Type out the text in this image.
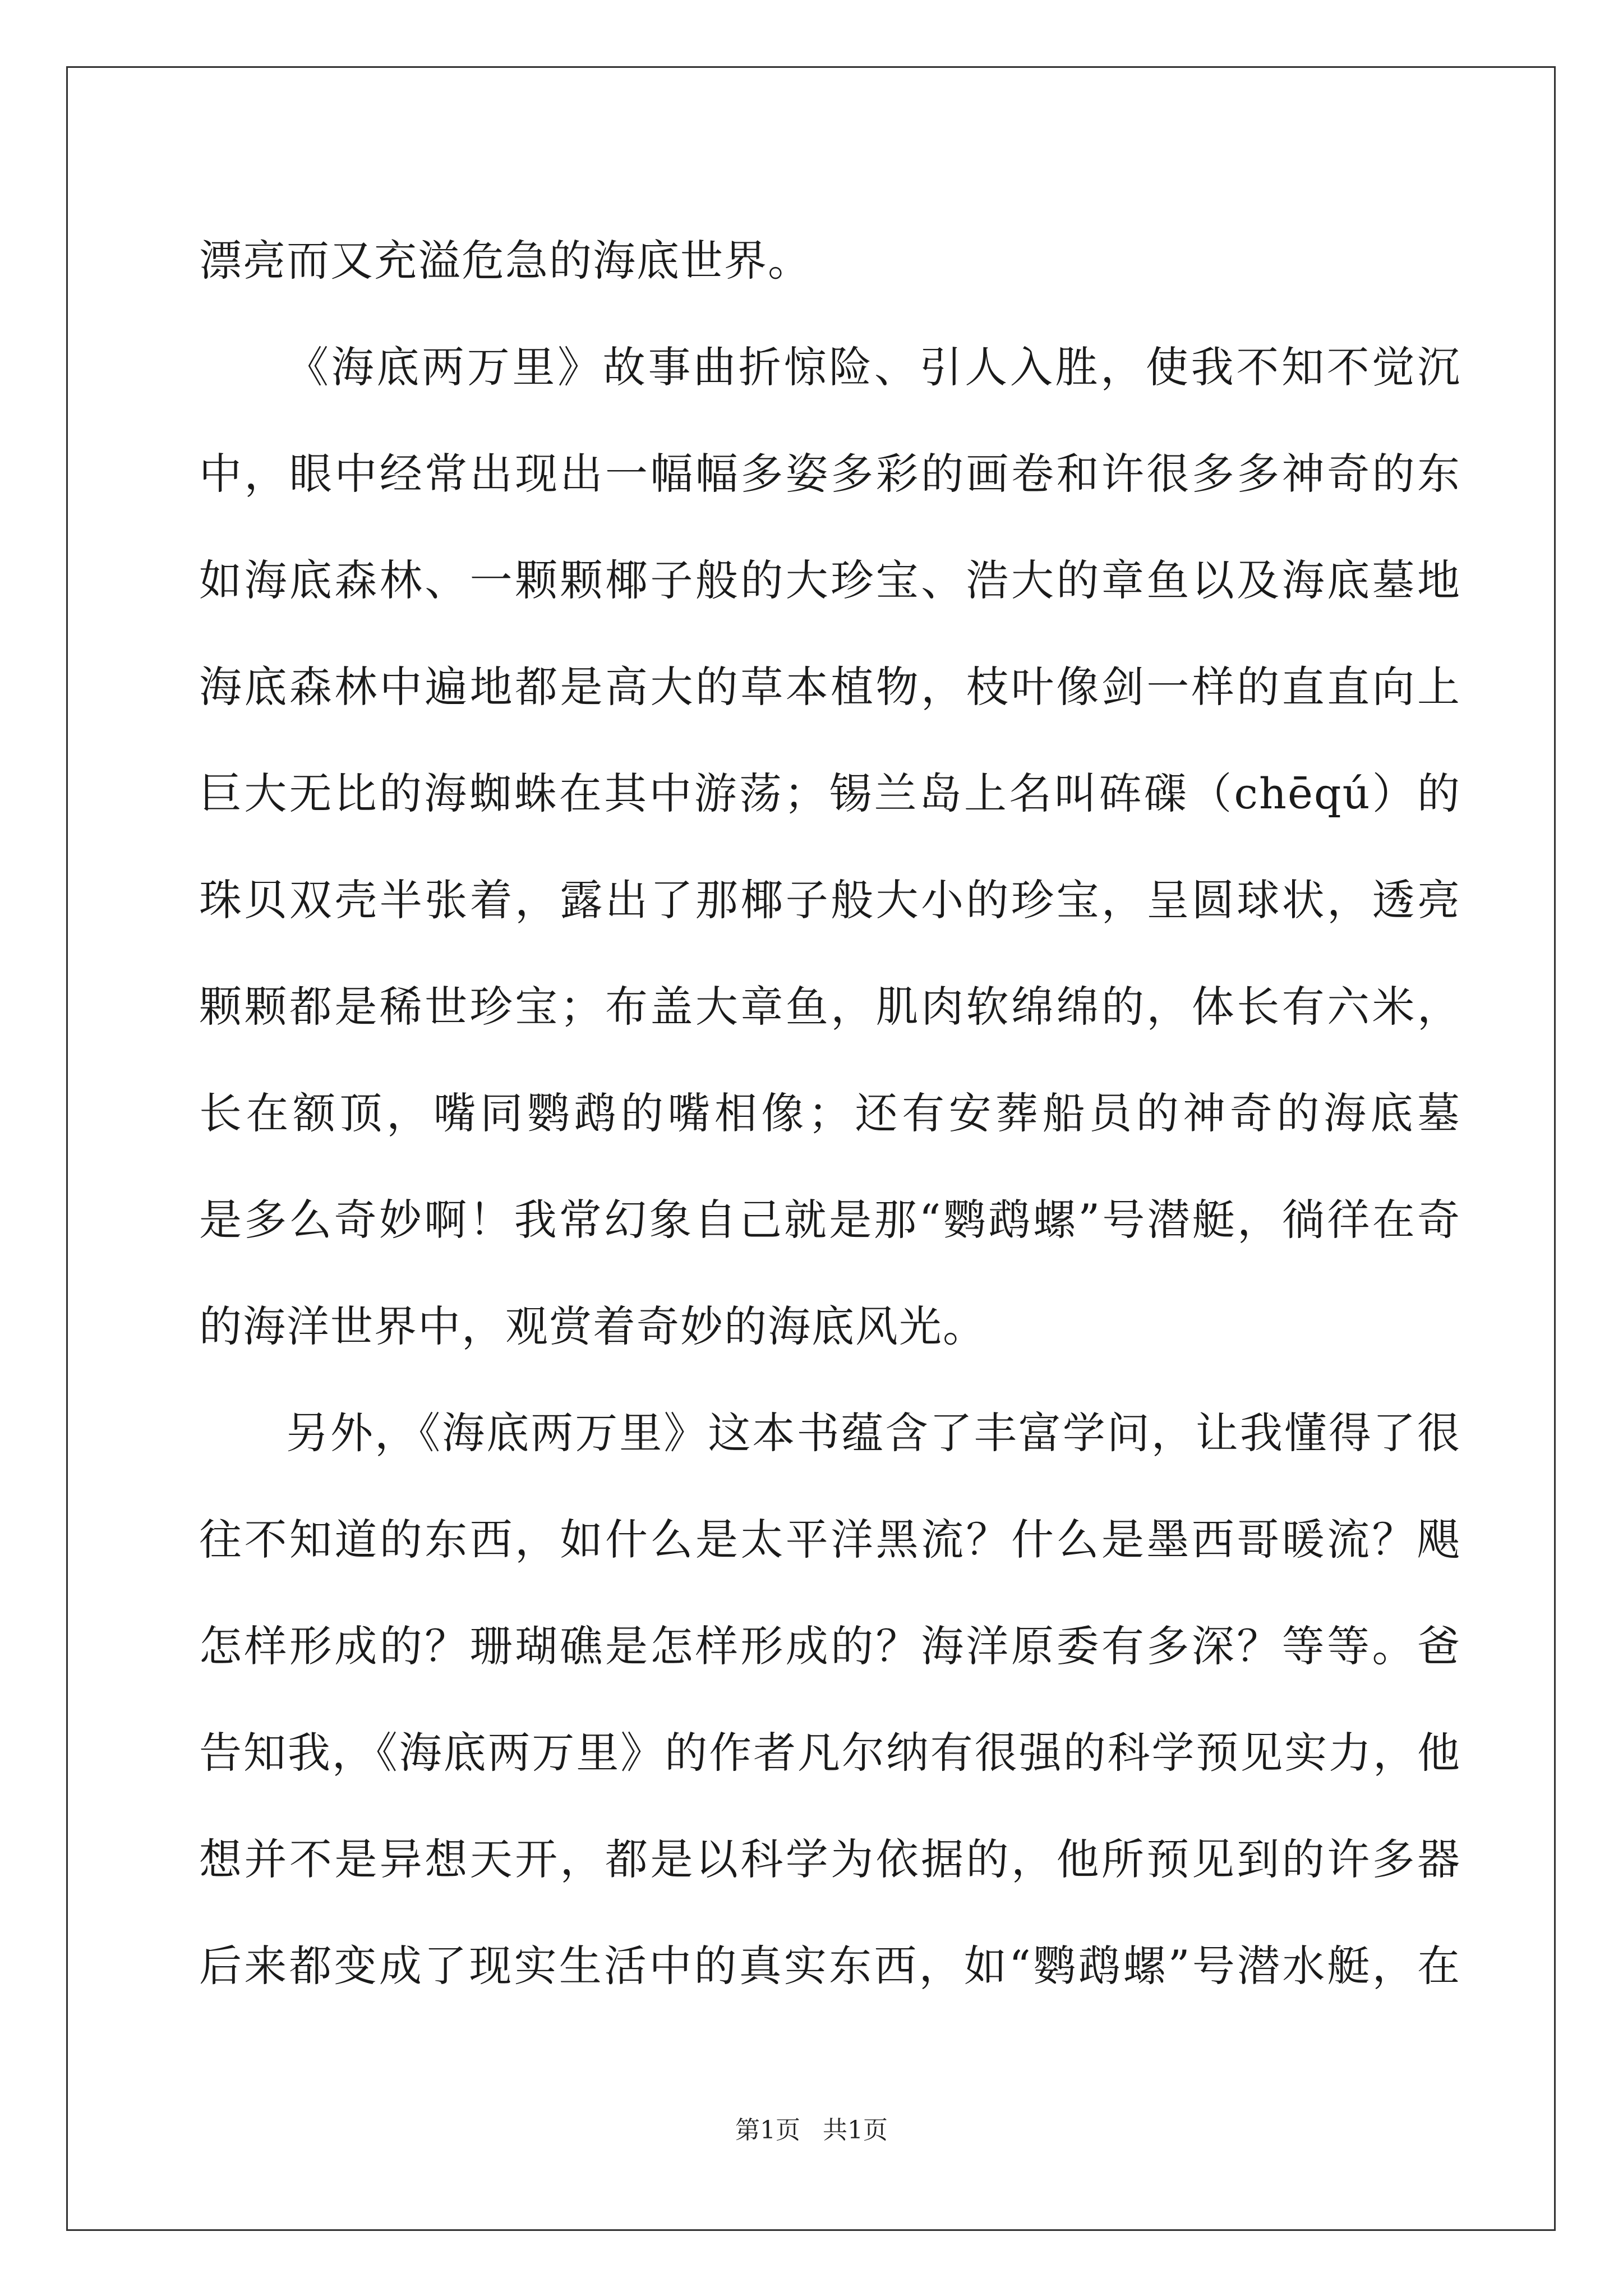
漂亮而又充溢危急的海底世界。
《海底两万里》故事曲折惊险、引人入胜，使我不知不觉沉
中，眼中经常出现出一幅幅多姿多彩的画卷和许很多多神奇的东
如海底森林、一颗颗椰子般的大珍宝、浩大的章鱼以及海底墓地
海底森林中遍地都是高大的草本植物，枝叶像剑一样的直直向上
巨大无比的海蜘蛛在其中游荡；锡兰岛上名叫砗磲（chēqú）的
珠贝双壳半张着，露出了那椰子般大小的珍宝，呈圆球状，透亮
颗颗都是稀世珍宝；布盖大章鱼，肌肉软绵绵的，体长有六米，
长在额顶，嘴同鹦鹉的嘴相像；还有安葬船员的神奇的海底墓
是多么奇妙啊！我常幻象自己就是那“鹦鹉螺”号潜艇，徜徉在奇
的海洋世界中，观赏着奇妙的海底风光。
另外，《海底两万里》这本书蕴含了丰富学问，让我懂得了很
往不知道的东西，如什么是太平洋黑流？什么是墨西哥暖流？飓
怎样形成的？珊瑚礁是怎样形成的？海洋原委有多深？等等。爸
告知我，《海底两万里》的作者凡尔纳有很强的科学预见实力，他
想并不是异想天开，都是以科学为依据的，他所预见到的许多器
后来都变成了现实生活中的真实东西，如“鹦鹉螺”号潜水艇，在
第1页 共1页
